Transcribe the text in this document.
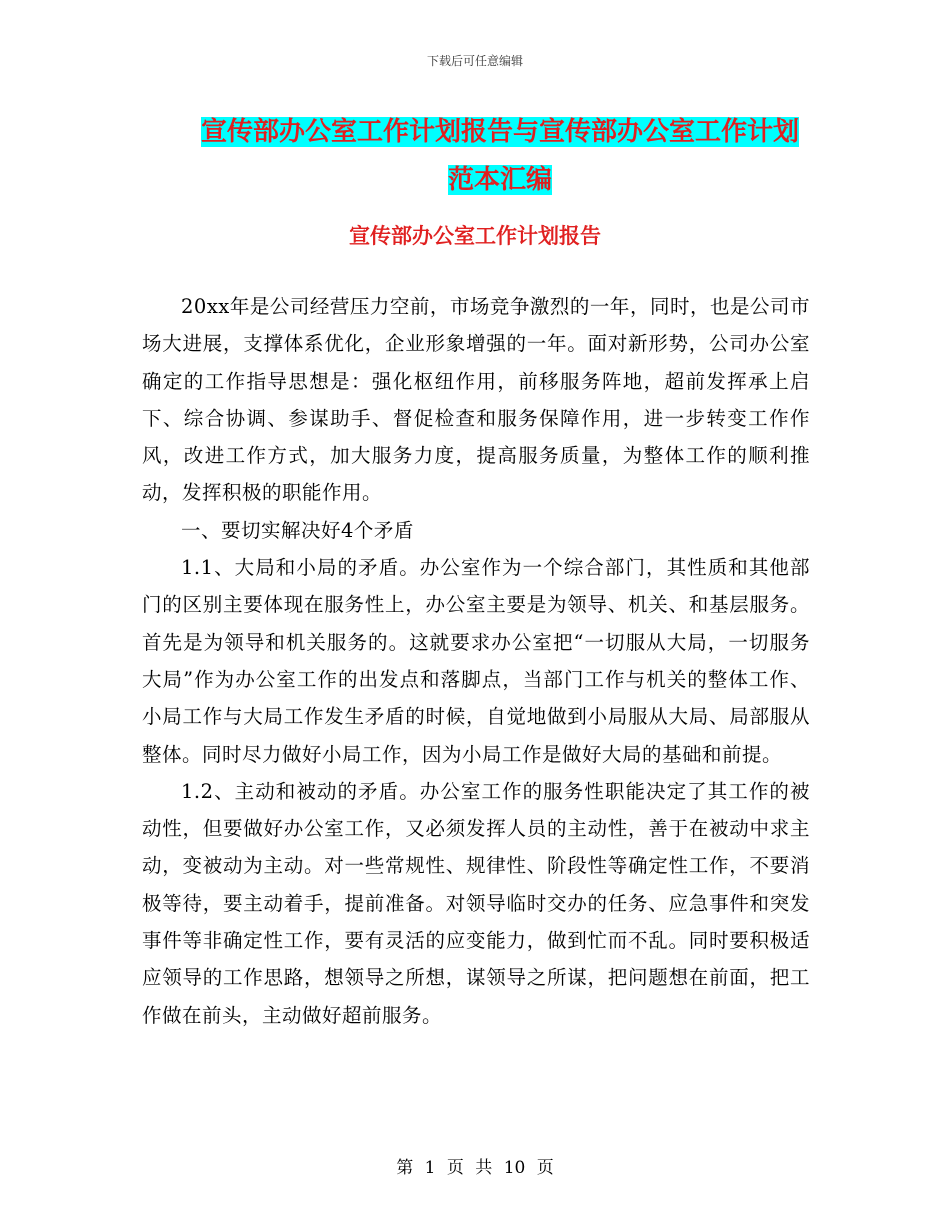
下载后可任意编辑
宣传部办公室工作计划报告与宣传部办公室工作计划
范本汇编
宣传部办公室工作计划报告

20xx年是公司经营压力空前，市场竞争激烈的一年，同时，也是公司市场大进展，支撑体系优化，企业形象增强的一年。面对新形势，公司办公室确定的工作指导思想是：强化枢纽作用，前移服务阵地，超前发挥承上启下、综合协调、参谋助手、督促检查和服务保障作用，进一步转变工作作风，改进工作方式，加大服务力度，提高服务质量，为整体工作的顺利推动，发挥积极的职能作用。

一、要切实解决好4个矛盾

1.1、大局和小局的矛盾。办公室作为一个综合部门，其性质和其他部门的区别主要体现在服务性上，办公室主要是为领导、机关、和基层服务。首先是为领导和机关服务的。这就要求办公室把“一切服从大局，一切服务大局”作为办公室工作的出发点和落脚点，当部门工作与机关的整体工作、小局工作与大局工作发生矛盾的时候，自觉地做到小局服从大局、局部服从整体。同时尽力做好小局工作，因为小局工作是做好大局的基础和前提。

1.2、主动和被动的矛盾。办公室工作的服务性职能决定了其工作的被动性，但要做好办公室工作，又必须发挥人员的主动性，善于在被动中求主动，变被动为主动。对一些常规性、规律性、阶段性等确定性工作，不要消极等待，要主动着手，提前准备。对领导临时交办的任务、应急事件和突发事件等非确定性工作，要有灵活的应变能力，做到忙而不乱。同时要积极适应领导的工作思路，想领导之所想，谋领导之所谋，把问题想在前面，把工作做在前头，主动做好超前服务。

第 1 页 共 10 页
